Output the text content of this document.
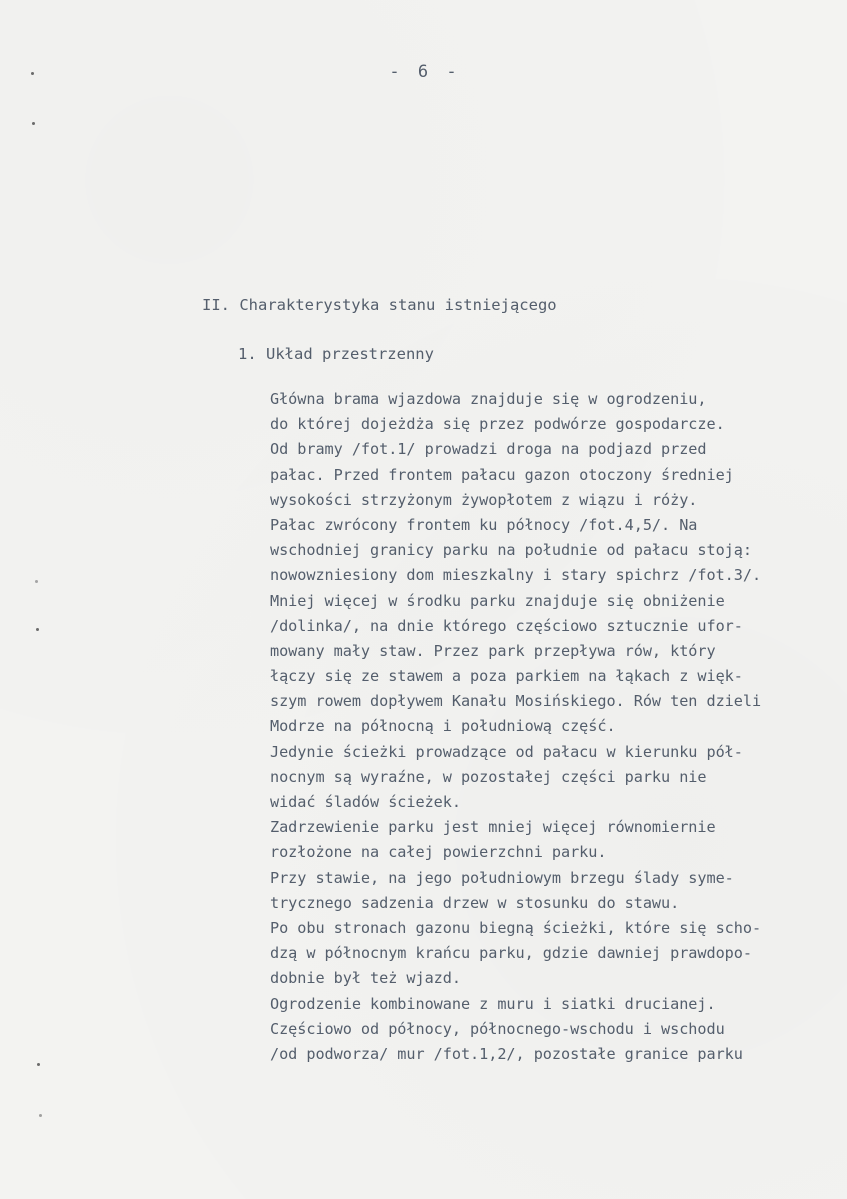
- 6 -
II. Charakterystyka stanu istniejącego
1. Układ przestrzenny
Główna brama wjazdowa znajduje się w ogrodzeniu,
do której dojeżdża się przez podwórze gospodarcze.
Od bramy /fot.1/ prowadzi droga na podjazd przed
pałac. Przed frontem pałacu gazon otoczony średniej
wysokości strzyżonym żywopłotem z wiązu i róży.
Pałac zwrócony frontem ku północy /fot.4,5/. Na
wschodniej granicy parku na południe od pałacu stoją:
nowowzniesiony dom mieszkalny i stary spichrz /fot.3/.
Mniej więcej w środku parku znajduje się obniżenie
/dolinka/, na dnie którego częściowo sztucznie ufor-
mowany mały staw. Przez park przepływa rów, który
łączy się ze stawem a poza parkiem na łąkach z więk-
szym rowem dopływem Kanału Mosińskiego. Rów ten dzieli
Modrze na północną i południową część.
Jedynie ścieżki prowadzące od pałacu w kierunku pół-
nocnym są wyraźne, w pozostałej części parku nie
widać śladów ścieżek.
Zadrzewienie parku jest mniej więcej równomiernie
rozłożone na całej powierzchni parku.
Przy stawie, na jego południowym brzegu ślady syme-
trycznego sadzenia drzew w stosunku do stawu.
Po obu stronach gazonu biegną ścieżki, które się scho-
dzą w północnym krańcu parku, gdzie dawniej prawdopo-
dobnie był też wjazd.
Ogrodzenie kombinowane z muru i siatki drucianej.
Częściowo od północy, północnego-wschodu i wschodu
/od podworza/ mur /fot.1,2/, pozostałe granice parku
